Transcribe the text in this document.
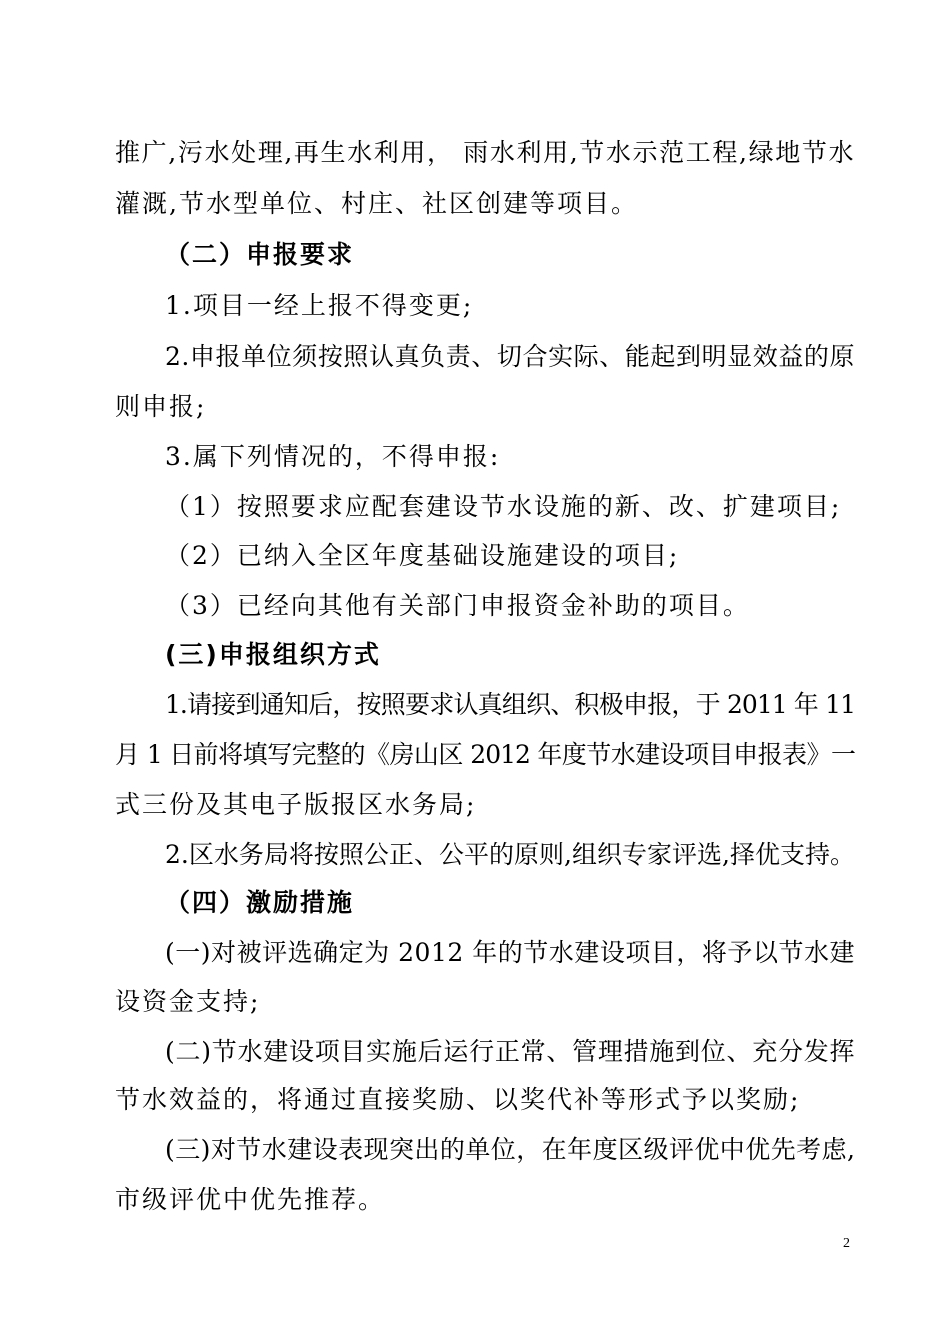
推广,污水处理,再生水利用， 雨水利用,节水示范工程,绿地节水
灌溉,节水型单位、村庄、社区创建等项目。
（二）申报要求
1.项目一经上报不得变更;
2.申报单位须按照认真负责、切合实际、能起到明显效益的原
则申报;
3.属下列情况的，不得申报:
（1）按照要求应配套建设节水设施的新、改、扩建项目;
（2）已纳入全区年度基础设施建设的项目;
（3）已经向其他有关部门申报资金补助的项目。
(三)申报组织方式
1.请接到通知后，按照要求认真组织、积极申报，于 2011 年 11
月 1 日前将填写完整的《房山区 2012 年度节水建设项目申报表》一
式三份及其电子版报区水务局;
2.区水务局将按照公正、公平的原则,组织专家评选,择优支持。
（四）激励措施
(一)对被评选确定为 2012 年的节水建设项目，将予以节水建
设资金支持;
(二)节水建设项目实施后运行正常、管理措施到位、充分发挥
节水效益的，将通过直接奖励、以奖代补等形式予以奖励;
(三)对节水建设表现突出的单位，在年度区级评优中优先考虑,
市级评优中优先推荐。
2
